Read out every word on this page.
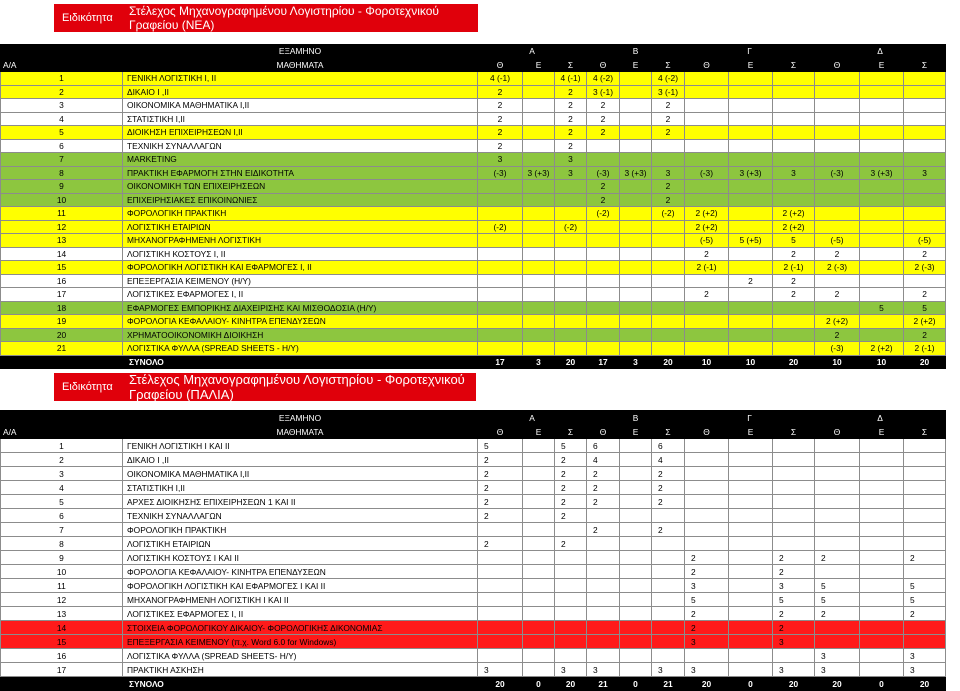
Ειδικότητα	Στέλεχος Μηχανογραφημένου Λογιστηρίου - Φοροτεχνικού Γραφείου (ΝΕΑ)
	ΕΞΑΜΗΝΟ	Α			Β			Γ			Δ		
Α/Α	ΜΑΘΗΜΑΤΑ	Θ	Ε	Σ	Θ	Ε	Σ	Θ	Ε	Σ	Θ	Ε	Σ
1	ΓΕΝΙΚΗ ΛΟΓΙΣΤΙΚΗ Ι, ΙΙ	4 (-1)		4 (-1)	4 (-2)		4 (-2)						
2	ΔΙΚΑΙΟ Ι ,ΙΙ	2		2	3 (-1)		3 (-1)						
3	ΟΙΚΟΝΟΜΙΚΑ ΜΑΘΗΜΑΤΙΚΑ Ι,ΙΙ	2		2	2		2						
4	ΣΤΑΤΙΣΤΙΚΗ Ι,ΙΙ	2		2	2		2						
5	ΔΙΟΙΚΗΣΗ ΕΠΙΧΕΙΡΗΣΕΩΝ Ι,ΙΙ	2		2	2		2						
6	ΤΕΧΝΙΚΗ ΣΥΝΑΛΛΑΓΩΝ	2		2									
7	MARKETING	3		3									
8	ΠΡΑΚΤΙΚΗ ΕΦΑΡΜΟΓΗ ΣΤΗΝ ΕΙΔΙΚΟΤΗΤΑ	(-3)	3 (+3)	3	(-3)	3 (+3)	3	(-3)	3 (+3)	3	(-3)	3 (+3)	3
9	ΟΙΚΟΝΟΜΙΚΗ ΤΩΝ ΕΠΙΧΕΙΡΗΣΕΩΝ				2		2						
10	ΕΠΙΧΕΙΡΗΣΙΑΚΕΣ ΕΠΙΚΟΙΝΩΝΙΕΣ				2		2						
11	ΦΟΡΟΛΟΓΙΚΗ ΠΡΑΚΤΙΚΗ				(-2)		(-2)	2 (+2)		2 (+2)			
12	ΛΟΓΙΣΤΙΚΗ ΕΤΑΙΡΙΩΝ	(-2)		(-2)				2 (+2)		2 (+2)			
13	ΜΗΧΑΝΟΓΡΑΦΗΜΕΝΗ ΛΟΓΙΣΤΙΚΗ							(-5)	5 (+5)	5	(-5)		(-5)
14	ΛΟΓΙΣΤΙΚΗ ΚΟΣΤΟΥΣ Ι, ΙΙ							2		2	2		2
15	ΦΟΡΟΛΟΓΙΚΗ ΛΟΓΙΣΤΙΚΗ ΚΑΙ ΕΦΑΡΜΟΓΕΣ Ι, ΙΙ							2 (-1)		2 (-1)	2 (-3)		2 (-3)
16	ΕΠΕΞΕΡΓΑΣΙΑ ΚΕΙΜΕΝΟΥ (Η/Υ)								2	2			
17	ΛΟΓΙΣΤΙΚΕΣ ΕΦΑΡΜΟΓΕΣ Ι, ΙΙ							2		2	2		2
18	ΕΦΑΡΜΟΓΕΣ ΕΜΠΟΡΙΚΗΣ ΔΙΑΧΕΙΡΙΣΗΣ ΚΑΙ ΜΙΣΘΟΔΟΣΙΑ (Η/Υ)											5	5
19	ΦΟΡΟΛΟΓΙΑ ΚΕΦΑΛΑΙΟΥ- ΚΙΝΗΤΡΑ ΕΠΕΝΔΥΣΕΩΝ										2 (+2)		2 (+2)
20	ΧΡΗΜΑΤΟΟΙΚΟΝΟΜΙΚΗ ΔΙΟΙΚΗΣΗ										2		2
21	ΛΟΓΙΣΤΙΚΑ ΦΥΛΛΑ (SPREAD SHEETS - Η/Υ)										(-3)	2 (+2)	2 (-1)
	ΣΥΝΟΛΟ	17	3	20	17	3	20	10	10	20	10	10	20
Ειδικότητα	Στέλεχος Μηχανογραφημένου Λογιστηρίου - Φοροτεχνικού Γραφείου (ΠΑΛΙΑ)
	ΕΞΑΜΗΝΟ	Α			Β			Γ			Δ		
Α/Α	ΜΑΘΗΜΑΤΑ	Θ	Ε	Σ	Θ	Ε	Σ	Θ	Ε	Σ	Θ	Ε	Σ
1	ΓΕΝΙΚΗ ΛΟΓΙΣΤΙΚΗ Ι ΚΑΙ ΙΙ	5		5	6		6						
2	ΔΙΚΑΙΟ Ι ,ΙΙ	2		2	4		4						
3	ΟΙΚΟΝΟΜΙΚΑ ΜΑΘΗΜΑΤΙΚΑ Ι,ΙΙ	2		2	2		2						
4	ΣΤΑΤΙΣΤΙΚΗ Ι,ΙΙ	2		2	2		2						
5	ΑΡΧΕΣ ΔΙΟΙΚΗΣΗΣ ΕΠΙΧΕΙΡΗΣΕΩΝ 1 ΚΑΙ ΙΙ	2		2	2		2						
6	ΤΕΧΝΙΚΗ ΣΥΝΑΛΛΑΓΩΝ	2		2									
7	ΦΟΡΟΛΟΓΙΚΗ ΠΡΑΚΤΙΚΗ				2		2						
8	ΛΟΓΙΣΤΙΚΗ ΕΤΑΙΡΙΩΝ	2		2									
9	ΛΟΓΙΣΤΙΚΗ ΚΟΣΤΟΥΣ Ι ΚΑΙ ΙΙ							2		2	2		2
10	ΦΟΡΟΛΟΓΙΑ ΚΕΦΑΛΑΙΟΥ- ΚΙΝΗΤΡΑ ΕΠΕΝΔΥΣΕΩΝ							2		2			
11	ΦΟΡΟΛΟΓΙΚΗ ΛΟΓΙΣΤΙΚΗ ΚΑΙ ΕΦΑΡΜΟΓΕΣ Ι ΚΑΙ ΙΙ							3		3	5		5
12	ΜΗΧΑΝΟΓΡΑΦΗΜΕΝΗ ΛΟΓΙΣΤΙΚΗ Ι ΚΑΙ ΙΙ							5		5	5		5
13	ΛΟΓΙΣΤΙΚΕΣ ΕΦΑΡΜΟΓΕΣ Ι, ΙΙ							2		2	2		2
14	ΣΤΟΙΧΕΙΑ ΦΟΡΟΛΟΓΙΚΟΥ ΔΙΚΑΙΟΥ- ΦΟΡΟΛΟΓΙΚΗΣ ΔΙΚΟΝΟΜΙΑΣ							2		2			
15	ΕΠΕΞΕΡΓΑΣΙΑ ΚΕΙΜΕΝΟΥ (π.χ. Word 6.0 for Windows)							3		3			
16	ΛΟΓΙΣΤΙΚΑ ΦΥΛΛΑ (SPREAD SHEETS- Η/Υ)										3		3
17	ΠΡΑΚΤΙΚΗ ΑΣΚΗΣΗ	3		3	3		3	3		3	3		3
	ΣΥΝΟΛΟ	20	0	20	21	0	21	20	0	20	20	0	20
